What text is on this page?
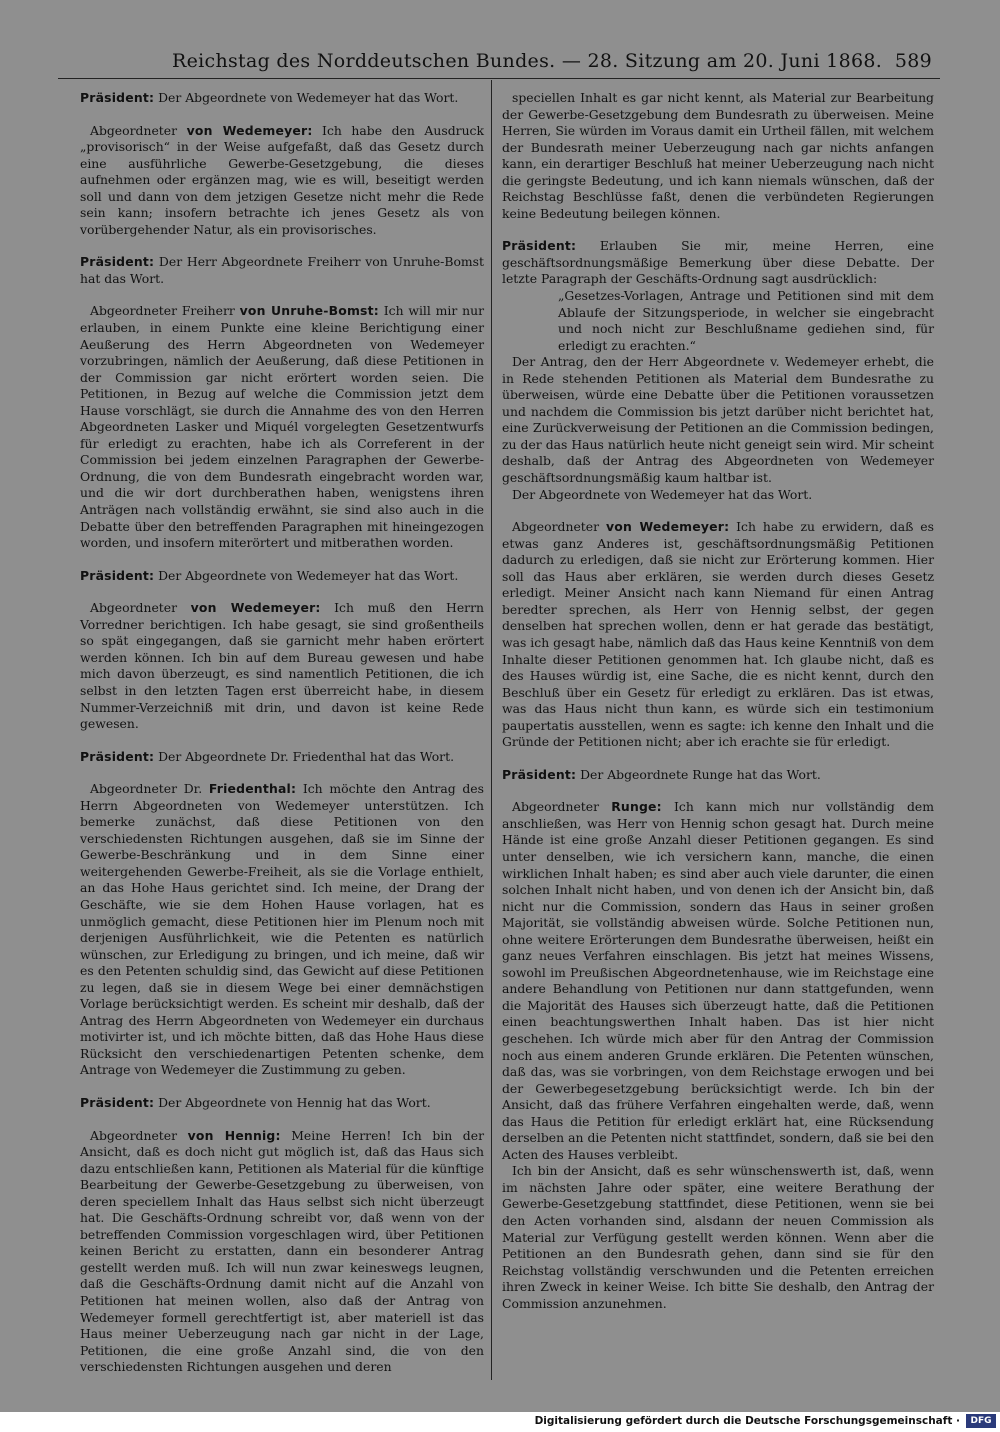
Reichstag des Norddeutschen Bundes. — 28. Sitzung am 20. Juni 1868. 589

Präsident: Der Abgeordnete von Wedemeyer hat das Wort.

Abgeordneter von Wedemeyer: Ich habe den Ausdruck „provisorisch“ in der Weise aufgefaßt, daß das Gesetz durch eine ausführliche Gewerbe-Gesetzgebung, die dieses aufnehmen oder ergänzen mag, wie es will, beseitigt werden soll und dann von dem jetzigen Gesetze nicht mehr die Rede sein kann; insofern betrachte ich jenes Gesetz als von vorübergehender Natur, als ein provisorisches.

Präsident: Der Herr Abgeordnete Freiherr von Unruhe-Bomst hat das Wort.

Abgeordneter Freiherr von Unruhe-Bomst: Ich will mir nur erlauben, in einem Punkte eine kleine Berichtigung einer Aeußerung des Herrn Abgeordneten von Wedemeyer vorzubringen, nämlich der Aeußerung, daß diese Petitionen in der Commission gar nicht erörtert worden seien. Die Petitionen, in Bezug auf welche die Commission jetzt dem Hause vorschlägt, sie durch die Annahme des von den Herren Abgeordneten Lasker und Miquél vorgelegten Gesetzentwurfs für erledigt zu erachten, habe ich als Correferent in der Commission bei jedem einzelnen Paragraphen der Gewerbe-Ordnung, die von dem Bundesrath eingebracht worden war, und die wir dort durchberathen haben, wenigstens ihren Anträgen nach vollständig erwähnt, sie sind also auch in die Debatte über den betreffenden Paragraphen mit hineingezogen worden, und insofern miterörtert und mitberathen worden.

Präsident: Der Abgeordnete von Wedemeyer hat das Wort.

Abgeordneter von Wedemeyer: Ich muß den Herrn Vorredner berichtigen. Ich habe gesagt, sie sind großentheils so spät eingegangen, daß sie garnicht mehr haben erörtert werden können. Ich bin auf dem Bureau gewesen und habe mich davon überzeugt, es sind namentlich Petitionen, die ich selbst in den letzten Tagen erst überreicht habe, in diesem Nummer-Verzeichniß mit drin, und davon ist keine Rede gewesen.

Präsident: Der Abgeordnete Dr. Friedenthal hat das Wort.

Abgeordneter Dr. Friedenthal: Ich möchte den Antrag des Herrn Abgeordneten von Wedemeyer unterstützen. Ich bemerke zunächst, daß diese Petitionen von den verschiedensten Richtungen ausgehen, daß sie im Sinne der Gewerbe-Beschränkung und in dem Sinne einer weitergehenden Gewerbe-Freiheit, als sie die Vorlage enthielt, an das Hohe Haus gerichtet sind. Ich meine, der Drang der Geschäfte, wie sie dem Hohen Hause vorlagen, hat es unmöglich gemacht, diese Petitionen hier im Plenum noch mit derjenigen Ausführlichkeit, wie die Petenten es natürlich wünschen, zur Erledigung zu bringen, und ich meine, daß wir es den Petenten schuldig sind, das Gewicht auf diese Petitionen zu legen, daß sie in diesem Wege bei einer demnächstigen Vorlage berücksichtigt werden. Es scheint mir deshalb, daß der Antrag des Herrn Abgeordneten von Wedemeyer ein durchaus motivirter ist, und ich möchte bitten, daß das Hohe Haus diese Rücksicht den verschiedenartigen Petenten schenke, dem Antrage von Wedemeyer die Zustimmung zu geben.

Präsident: Der Abgeordnete von Hennig hat das Wort.

Abgeordneter von Hennig: Meine Herren! Ich bin der Ansicht, daß es doch nicht gut möglich ist, daß das Haus sich dazu entschließen kann, Petitionen als Material für die künftige Bearbeitung der Gewerbe-Gesetzgebung zu überweisen, von deren speciellem Inhalt das Haus selbst sich nicht überzeugt hat. Die Geschäfts-Ordnung schreibt vor, daß wenn von der betreffenden Commission vorgeschlagen wird, über Petitionen keinen Bericht zu erstatten, dann ein besonderer Antrag gestellt werden muß. Ich will nun zwar keineswegs leugnen, daß die Geschäfts-Ordnung damit nicht auf die Anzahl von Petitionen hat meinen wollen, also daß der Antrag von Wedemeyer formell gerechtfertigt ist, aber materiell ist das Haus meiner Ueberzeugung nach gar nicht in der Lage, Petitionen, die eine große Anzahl sind, die von den verschiedensten Richtungen ausgehen und deren

speciellen Inhalt es gar nicht kennt, als Material zur Bearbeitung der Gewerbe-Gesetzgebung dem Bundesrath zu überweisen. Meine Herren, Sie würden im Voraus damit ein Urtheil fällen, mit welchem der Bundesrath meiner Ueberzeugung nach gar nichts anfangen kann, ein derartiger Beschluß hat meiner Ueberzeugung nach nicht die geringste Bedeutung, und ich kann niemals wünschen, daß der Reichstag Beschlüsse faßt, denen die verbündeten Regierungen keine Bedeutung beilegen können.

Präsident: Erlauben Sie mir, meine Herren, eine geschäftsordnungsmäßige Bemerkung über diese Debatte. Der letzte Paragraph der Geschäfts-Ordnung sagt ausdrücklich:

„Gesetzes-Vorlagen, Antrage und Petitionen sind mit dem Ablaufe der Sitzungsperiode, in welcher sie eingebracht und noch nicht zur Beschlußname gediehen sind, für erledigt zu erachten.“

Der Antrag, den der Herr Abgeordnete v. Wedemeyer erhebt, die in Rede stehenden Petitionen als Material dem Bundesrathe zu überweisen, würde eine Debatte über die Petitionen voraussetzen und nachdem die Commission bis jetzt darüber nicht berichtet hat, eine Zurückverweisung der Petitionen an die Commission bedingen, zu der das Haus natürlich heute nicht geneigt sein wird. Mir scheint deshalb, daß der Antrag des Abgeordneten von Wedemeyer geschäftsordnungsmäßig kaum haltbar ist.

Der Abgeordnete von Wedemeyer hat das Wort.

Abgeordneter von Wedemeyer: Ich habe zu erwidern, daß es etwas ganz Anderes ist, geschäftsordnungsmäßig Petitionen dadurch zu erledigen, daß sie nicht zur Erörterung kommen. Hier soll das Haus aber erklären, sie werden durch dieses Gesetz erledigt. Meiner Ansicht nach kann Niemand für einen Antrag beredter sprechen, als Herr von Hennig selbst, der gegen denselben hat sprechen wollen, denn er hat gerade das bestätigt, was ich gesagt habe, nämlich daß das Haus keine Kenntniß von dem Inhalte dieser Petitionen genommen hat. Ich glaube nicht, daß es des Hauses würdig ist, eine Sache, die es nicht kennt, durch den Beschluß über ein Gesetz für erledigt zu erklären. Das ist etwas, was das Haus nicht thun kann, es würde sich ein testimonium paupertatis ausstellen, wenn es sagte: ich kenne den Inhalt und die Gründe der Petitionen nicht; aber ich erachte sie für erledigt.

Präsident: Der Abgeordnete Runge hat das Wort.

Abgeordneter Runge: Ich kann mich nur vollständig dem anschließen, was Herr von Hennig schon gesagt hat. Durch meine Hände ist eine große Anzahl dieser Petitionen gegangen. Es sind unter denselben, wie ich versichern kann, manche, die einen wirklichen Inhalt haben; es sind aber auch viele darunter, die einen solchen Inhalt nicht haben, und von denen ich der Ansicht bin, daß nicht nur die Commission, sondern das Haus in seiner großen Majorität, sie vollständig abweisen würde. Solche Petitionen nun, ohne weitere Erörterungen dem Bundesrathe überweisen, heißt ein ganz neues Verfahren einschlagen. Bis jetzt hat meines Wissens, sowohl im Preußischen Abgeordnetenhause, wie im Reichstage eine andere Behandlung von Petitionen nur dann stattgefunden, wenn die Majorität des Hauses sich überzeugt hatte, daß die Petitionen einen beachtungswerthen Inhalt haben. Das ist hier nicht geschehen. Ich würde mich aber für den Antrag der Commission noch aus einem anderen Grunde erklären. Die Petenten wünschen, daß das, was sie vorbringen, von dem Reichstage erwogen und bei der Gewerbegesetzgebung berücksichtigt werde. Ich bin der Ansicht, daß das frühere Verfahren eingehalten werde, daß, wenn das Haus die Petition für erledigt erklärt hat, eine Rücksendung derselben an die Petenten nicht stattfindet, sondern, daß sie bei den Acten des Hauses verbleibt.

Ich bin der Ansicht, daß es sehr wünschenswerth ist, daß, wenn im nächsten Jahre oder später, eine weitere Berathung der Gewerbe-Gesetzgebung stattfindet, diese Petitionen, wenn sie bei den Acten vorhanden sind, alsdann der neuen Commission als Material zur Verfügung gestellt werden können. Wenn aber die Petitionen an den Bundesrath gehen, dann sind sie für den Reichstag vollständig verschwunden und die Petenten erreichen ihren Zweck in keiner Weise. Ich bitte Sie deshalb, den Antrag der Commission anzunehmen.

Digitalisierung gefördert durch die Deutsche Forschungsgemeinschaft ·	DFG
